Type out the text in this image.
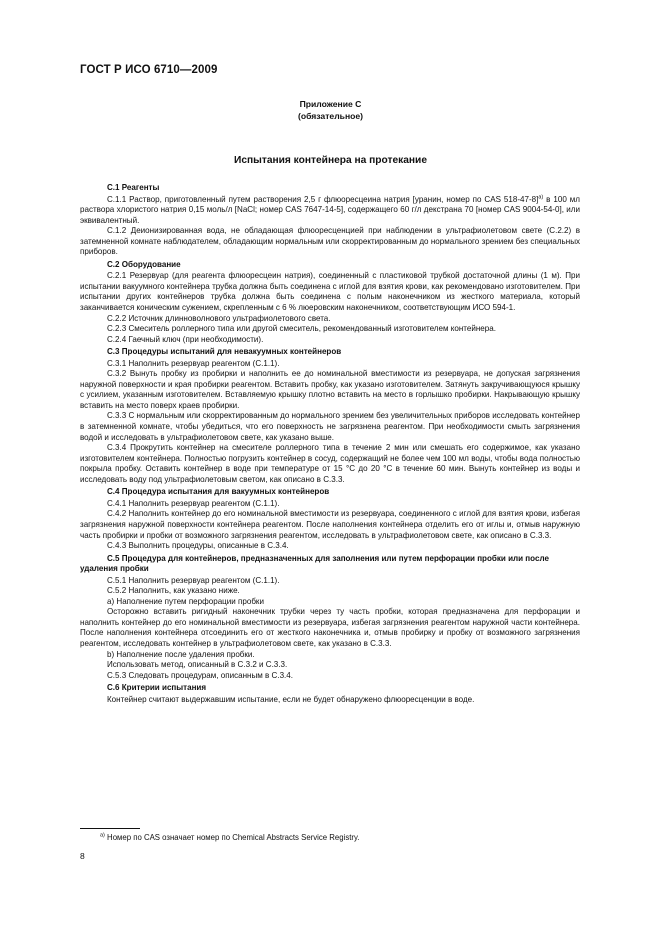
ГОСТ Р ИСО 6710—2009
Приложение С
(обязательное)
Испытания контейнера на протекание
С.1 Реагенты

С.1.1 Раствор, приготовленный путем растворения 2,5 г флюоресцеина натрия [уранин, номер по CAS 518-47-8]$^{а)}$ в 100 мл раствора хлористого натрия 0,15 моль/л [NaCl; номер CAS 7647-14-5], содержащего 60 г/л декстрана 70 [номер CAS 9004-54-0], или эквивалентный.

С.1.2 Деионизированная вода, не обладающая флюоресценцией при наблюдении в ультрафиолетовом свете (С.2.2) в затемненной комнате наблюдателем, обладающим нормальным или скорректированным до нормального зрением без специальных приборов.

С.2 Оборудование

С.2.1 Резервуар (для реагента флюоресцеин натрия), соединенный с пластиковой трубкой достаточной длины (1 м). При испытании вакуумного контейнера трубка должна быть соединена с иглой для взятия крови, как рекомендовано изготовителем. При испытании других контейнеров трубка должна быть соединена с полым наконечником из жесткого материала, который заканчивается коническим сужением, скрепленным с 6 % люеровским наконечником, соответствующим ИСО 594-1.

С.2.2 Источник длинноволнового ультрафиолетового света.

С.2.3 Смеситель роллерного типа или другой смеситель, рекомендованный изготовителем контейнера.

С.2.4 Гаечный ключ (при необходимости).

С.3 Процедуры испытаний для невакуумных контейнеров

С.3.1 Наполнить резервуар реагентом (С.1.1).

С.3.2 Вынуть пробку из пробирки и наполнить ее до номинальной вместимости из резервуара, не допуская загрязнения наружной поверхности и края пробирки реагентом. Вставить пробку, как указано изготовителем. Затянуть закручивающуюся крышку с усилием, указанным изготовителем. Вставляемую крышку плотно вставить на место в горлышко пробирки. Накрывающую крышку вставить на место поверх краев пробирки.

С.3.3 С нормальным или скорректированным до нормального зрением без увеличительных приборов исследовать контейнер в затемненной комнате, чтобы убедиться, что его поверхность не загрязнена реагентом. При необходимости смыть загрязнения водой и исследовать в ультрафиолетовом свете, как указано выше.

С.3.4 Прокрутить контейнер на смесителе роллерного типа в течение 2 мин или смешать его содержимое, как указано изготовителем контейнера. Полностью погрузить контейнер в сосуд, содержащий не более чем 100 мл воды, чтобы вода полностью покрыла пробку. Оставить контейнер в воде при температуре от 15 °С до 20 °С в течение 60 мин. Вынуть контейнер из воды и исследовать воду под ультрафиолетовым светом, как описано в С.3.3.

С.4 Процедура испытания для вакуумных контейнеров

С.4.1 Наполнить резервуар реагентом (С.1.1).

С.4.2 Наполнить контейнер до его номинальной вместимости из резервуара, соединенного с иглой для взятия крови, избегая загрязнения наружной поверхности контейнера реагентом. После наполнения контейнера отделить его от иглы и, отмыв наружную часть пробирки и пробки от возможного загрязнения реагентом, исследовать в ультрафиолетовом свете, как описано в С.3.3.

С.4.3 Выполнить процедуры, описанные в С.3.4.

С.5 Процедура для контейнеров, предназначенных для заполнения или путем перфорации пробки или после удаления пробки

С.5.1 Наполнить резервуар реагентом (С.1.1).

С.5.2 Наполнить, как указано ниже.

а) Наполнение путем перфорации пробки

Осторожно вставить ригидный наконечник трубки через ту часть пробки, которая предназначена для перфорации и наполнить контейнер до его номинальной вместимости из резервуара, избегая загрязнения реагентом наружной части контейнера. После наполнения контейнера отсоединить его от жесткого наконечника и, отмыв пробирку и пробку от возможного загрязнения реагентом, исследовать контейнер в ультрафиолетовом свете, как указано в С.3.3.

b) Наполнение после удаления пробки.

Использовать метод, описанный в С.3.2 и С.3.3.

С.5.3 Следовать процедурам, описанным в С.3.4.

С.6 Критерии испытания

Контейнер считают выдержавшим испытание, если не будет обнаружено флюоресценции в воде.

$^{а)}$ Номер по CAS означает номер по Chemical Abstracts Service Registry.
8
